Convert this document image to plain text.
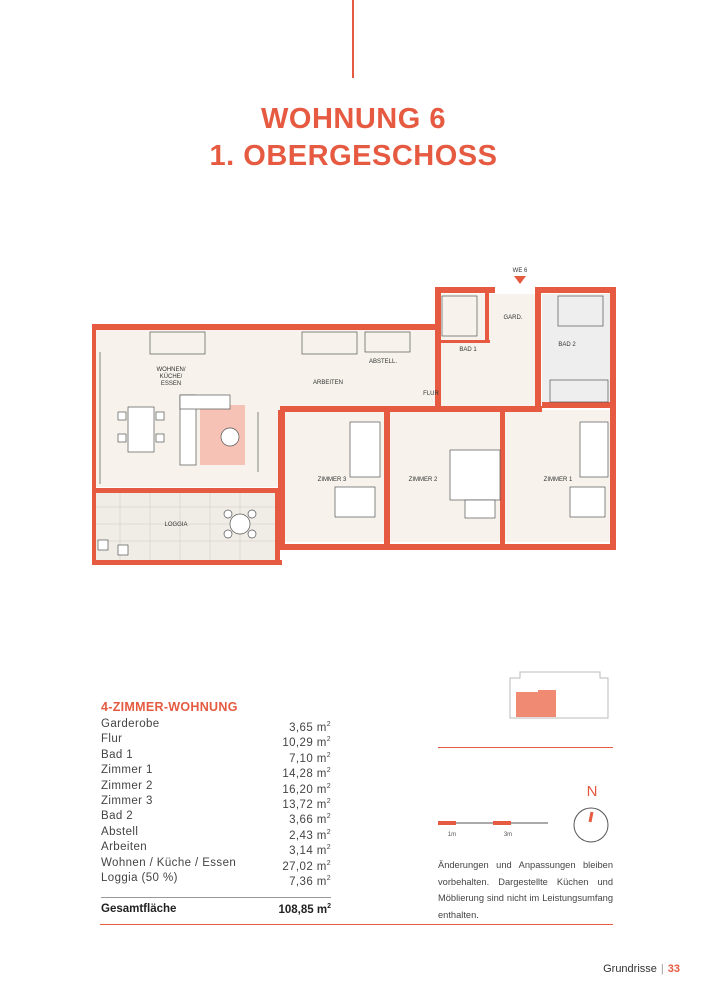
WOHNUNG 6
1. OBERGESCHOSS
WE 6
GARD.
BAD 1
BAD 2
ABSTELL.
WOHNEN/
KÜCHE/
ESSEN	ARBEITEN
FLUR
ZIMMER 3	ZIMMER 2	ZIMMER 1
LOGGIA
4-ZIMMER-WOHNUNG
Garderobe	3,65 $m^2$
Flur	10,29 $m^2$
Bad 1	7,10 $m^2$
Zimmer 1	14,28 $m^2$
Zimmer 2	16,20 $m^2$
Zimmer 3	13,72 $m^2$
Bad 2	3,66 $m^2$
Abstell	2,43 $m^2$
Arbeiten	3,14 $m^2$
Wohnen / Küche / Essen	27,02 $m^2$
Loggia (50 %)	7,36 $m^2$
Gesamtfläche	108,85 $m^2$
1m	3m
N
Änderungen und Anpassungen bleiben vorbehalten. Dargestellte Küchen und Möblierung sind nicht im Leistungsumfang enthalten.
Grundrisse | 33
